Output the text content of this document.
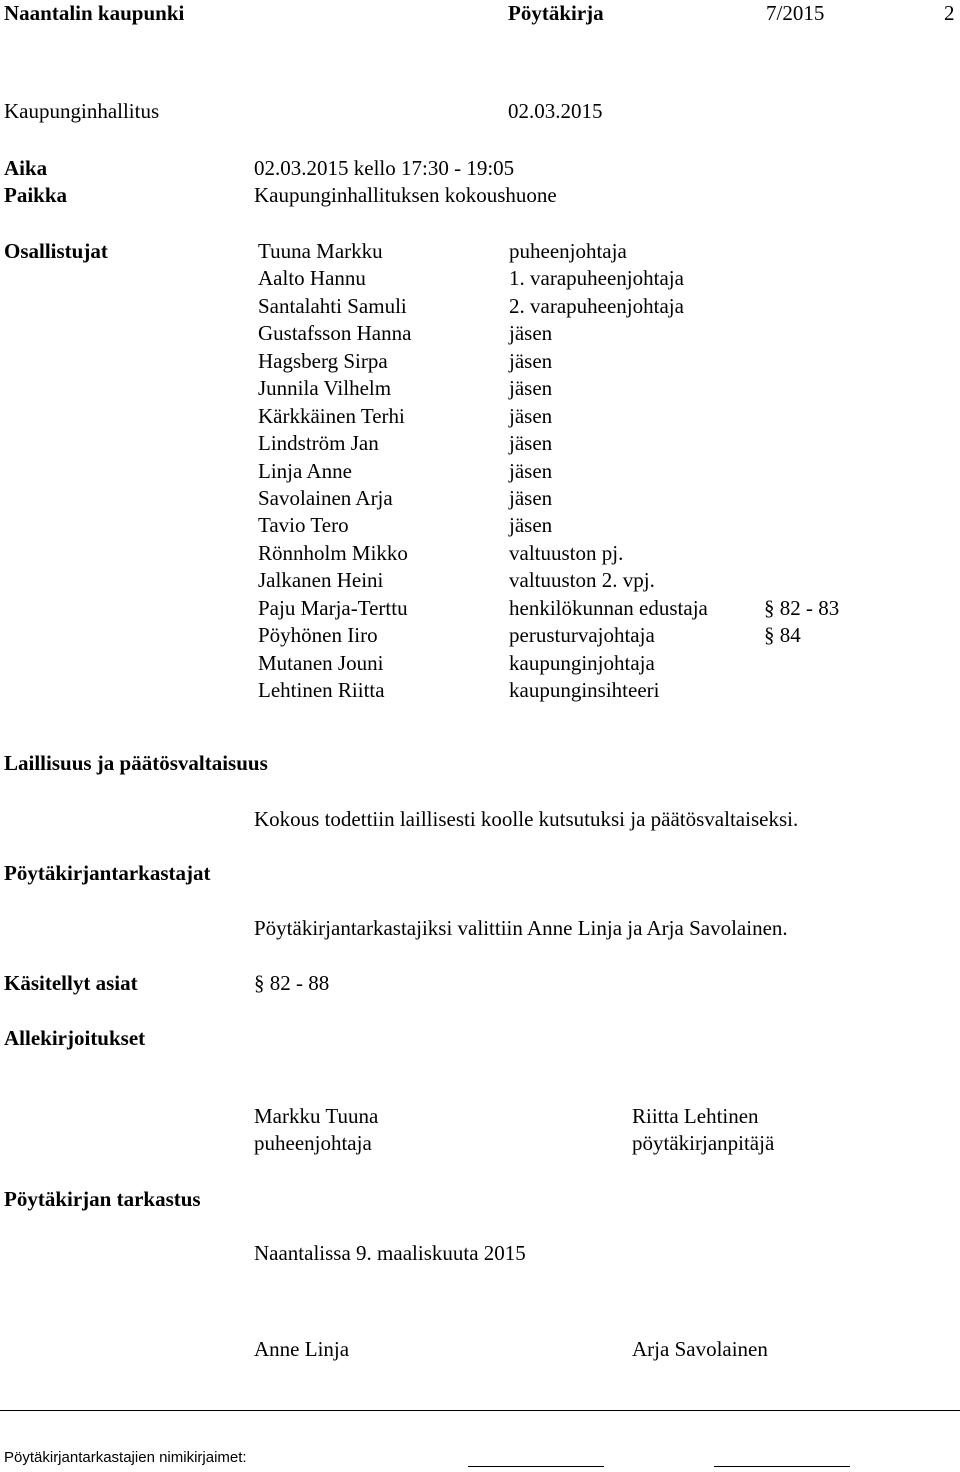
Naantalin kaupunki	Pöytäkirja	7/2015	2
Kaupunginhallitus	02.03.2015
Aika	02.03.2015 kello 17:30 - 19:05
Paikka	Kaupunginhallituksen kokoushuone
Osallistujat	Tuuna Markku	puheenjohtaja
Aalto Hannu	1. varapuheenjohtaja
Santalahti Samuli	2. varapuheenjohtaja
Gustafsson Hanna	jäsen
Hagsberg Sirpa	jäsen
Junnila Vilhelm	jäsen
Kärkkäinen Terhi	jäsen
Lindström Jan	jäsen
Linja Anne	jäsen
Savolainen Arja	jäsen
Tavio Tero	jäsen
Rönnholm Mikko	valtuuston pj.
Jalkanen Heini	valtuuston 2. vpj.
Paju Marja-Terttu	henkilökunnan edustaja	§ 82 - 83
Pöyhönen Iiro	perusturvajohtaja	§ 84
Mutanen Jouni	kaupunginjohtaja
Lehtinen Riitta	kaupunginsihteeri
Laillisuus ja päätösvaltaisuus
Kokous todettiin laillisesti koolle kutsutuksi ja päätösvaltaiseksi.
Pöytäkirjantarkastajat
Pöytäkirjantarkastajiksi valittiin Anne Linja ja Arja Savolainen.
Käsitellyt asiat	§ 82 - 88
Allekirjoitukset
Markku Tuuna
puheenjohtaja
Riitta Lehtinen
pöytäkirjanpitäjä
Pöytäkirjan tarkastus
Naantalissa 9. maaliskuuta 2015
Anne Linja	Arja Savolainen
Pöytäkirjantarkastajien nimikirjaimet:
